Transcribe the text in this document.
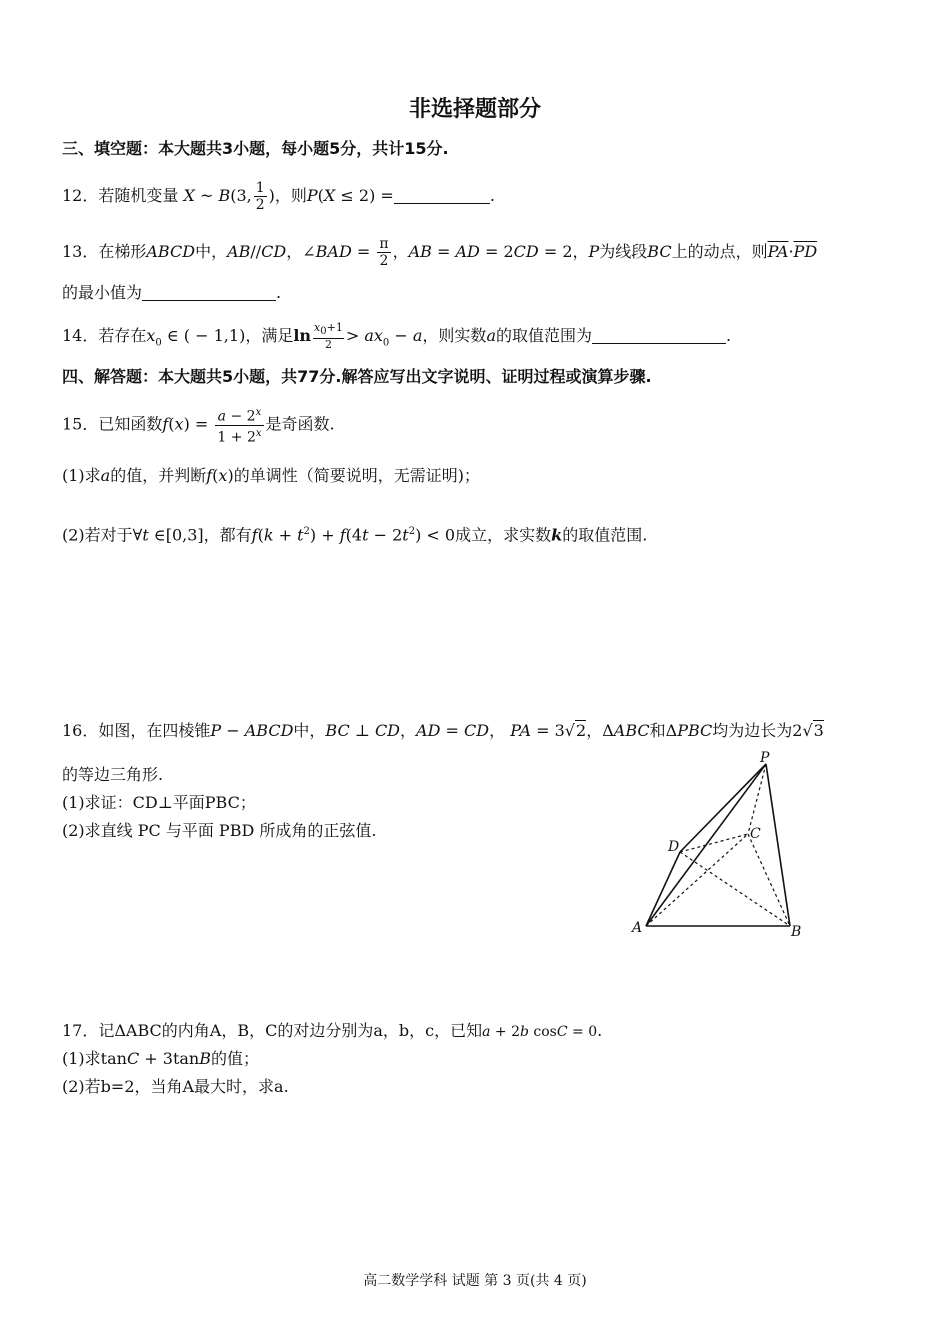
非选择题部分
三、填空题：本大题共3小题，每小题5分，共计15分.
12．若随机变量 X ~ B(3, $\frac{1}{2}$ )，则P(X ≤ 2) =	.
13．在梯形ABCD中，AB//CD，∠BAD = $\frac{\pi}{2}$ ，AB = AD = 2CD = 2，P为线段BC上的动点，则$\overline{PA}\cdot\overline{PD}$
的最小值为	.
14．若存在$x_0$ ∈ ( − 1,1)，满足$\ln \frac{x_0+1}{2} > ax_0 - a$，则实数a的取值范围为	.
四、解答题：本大题共5小题，共77分.解答应写出文字说明、证明过程或演算步骤.
15．已知函数$f(x) = \frac{a - 2^x}{1 + 2^x}$ 是奇函数.
(1)求a的值，并判断f(x)的单调性（简要说明，无需证明)；
(2)若对于∀t ∈[0,3]，都有$f(k + t^2) + f(4t - 2t^2) < 0$成立，求实数k的取值范围.
16．如图，在四棱锥P − ABCD中，BC ⊥ CD，AD = CD， PA = 3√2，ΔABC和ΔPBC均为边长为2√3
的等边三角形.
(1)求证：CD⊥平面PBC；
(2)求直线 PC 与平面 PBD 所成角的正弦值.
P
C
D
A	B
17．记ΔABC的内角A，B，C的对边分别为a，b，c，已知a + 2b cosC = 0.
(1)求tanC + 3tanB的值；
(2)若b=2，当角A最大时，求a.
高二数学学科 试题 第 3 页(共 4 页)
